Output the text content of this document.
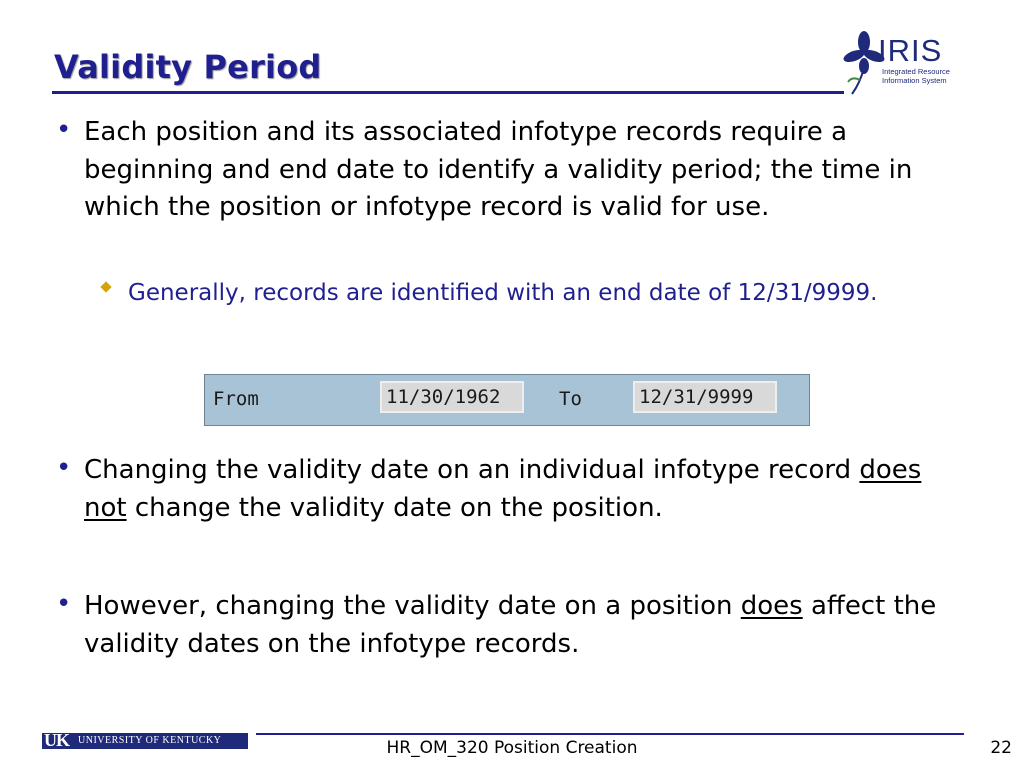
Validity Period	IRIS
Integrated Resource Information System
• Each position and its associated infotype records require a beginning and end date to identify a validity period; the time in which the position or infotype record is valid for use.
Generally, records are identified with an end date of 12/31/9999.
From	11/30/1962	To	12/31/9999
• Changing the validity date on an individual infotype record does not change the validity date on the position.
• However, changing the validity date on a position does affect the validity dates on the infotype records.
UK UNIVERSITY OF KENTUCKY	HR_OM_320 Position Creation	22
